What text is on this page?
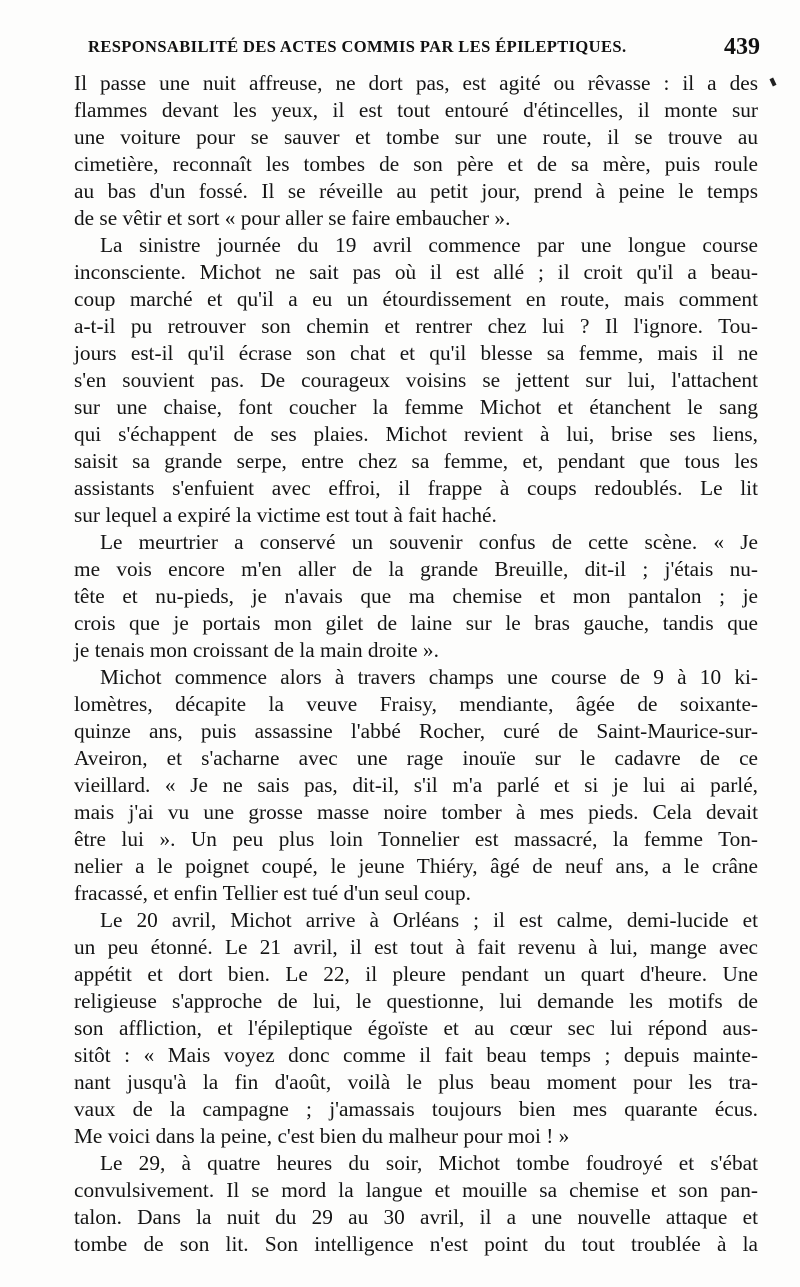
RESPONSABILITÉ DES ACTES COMMIS PAR LES ÉPILEPTIQUES.	439
Il passe une nuit affreuse, ne dort pas, est agité ou rêvasse : il a des
flammes devant les yeux, il est tout entouré d'étincelles, il monte sur
une voiture pour se sauver et tombe sur une route, il se trouve au
cimetière, reconnaît les tombes de son père et de sa mère, puis roule
au bas d'un fossé. Il se réveille au petit jour, prend à peine le temps
de se vêtir et sort « pour aller se faire embaucher ».
La sinistre journée du 19 avril commence par une longue course
inconsciente. Michot ne sait pas où il est allé ; il croit qu'il a beau-
coup marché et qu'il a eu un étourdissement en route, mais comment
a-t-il pu retrouver son chemin et rentrer chez lui ? Il l'ignore. Tou-
jours est-il qu'il écrase son chat et qu'il blesse sa femme, mais il ne
s'en souvient pas. De courageux voisins se jettent sur lui, l'attachent
sur une chaise, font coucher la femme Michot et étanchent le sang
qui s'échappent de ses plaies. Michot revient à lui, brise ses liens,
saisit sa grande serpe, entre chez sa femme, et, pendant que tous les
assistants s'enfuient avec effroi, il frappe à coups redoublés. Le lit
sur lequel a expiré la victime est tout à fait haché.
Le meurtrier a conservé un souvenir confus de cette scène. « Je
me vois encore m'en aller de la grande Breuille, dit-il ; j'étais nu-
tête et nu-pieds, je n'avais que ma chemise et mon pantalon ; je
crois que je portais mon gilet de laine sur le bras gauche, tandis que
je tenais mon croissant de la main droite ».
Michot commence alors à travers champs une course de 9 à 10 ki-
lomètres, décapite la veuve Fraisy, mendiante, âgée de soixante-
quinze ans, puis assassine l'abbé Rocher, curé de Saint-Maurice-sur-
Aveiron, et s'acharne avec une rage inouïe sur le cadavre de ce
vieillard. « Je ne sais pas, dit-il, s'il m'a parlé et si je lui ai parlé,
mais j'ai vu une grosse masse noire tomber à mes pieds. Cela devait
être lui ». Un peu plus loin Tonnelier est massacré, la femme Ton-
nelier a le poignet coupé, le jeune Thiéry, âgé de neuf ans, a le crâne
fracassé, et enfin Tellier est tué d'un seul coup.
Le 20 avril, Michot arrive à Orléans ; il est calme, demi-lucide et
un peu étonné. Le 21 avril, il est tout à fait revenu à lui, mange avec
appétit et dort bien. Le 22, il pleure pendant un quart d'heure. Une
religieuse s'approche de lui, le questionne, lui demande les motifs de
son affliction, et l'épileptique égoïste et au cœur sec lui répond aus-
sitôt : « Mais voyez donc comme il fait beau temps ; depuis mainte-
nant jusqu'à la fin d'août, voilà le plus beau moment pour les tra-
vaux de la campagne ; j'amassais toujours bien mes quarante écus.
Me voici dans la peine, c'est bien du malheur pour moi ! »
Le 29, à quatre heures du soir, Michot tombe foudroyé et s'ébat
convulsivement. Il se mord la langue et mouille sa chemise et son pan-
talon. Dans la nuit du 29 au 30 avril, il a une nouvelle attaque et
tombe de son lit. Son intelligence n'est point du tout troublée à la
